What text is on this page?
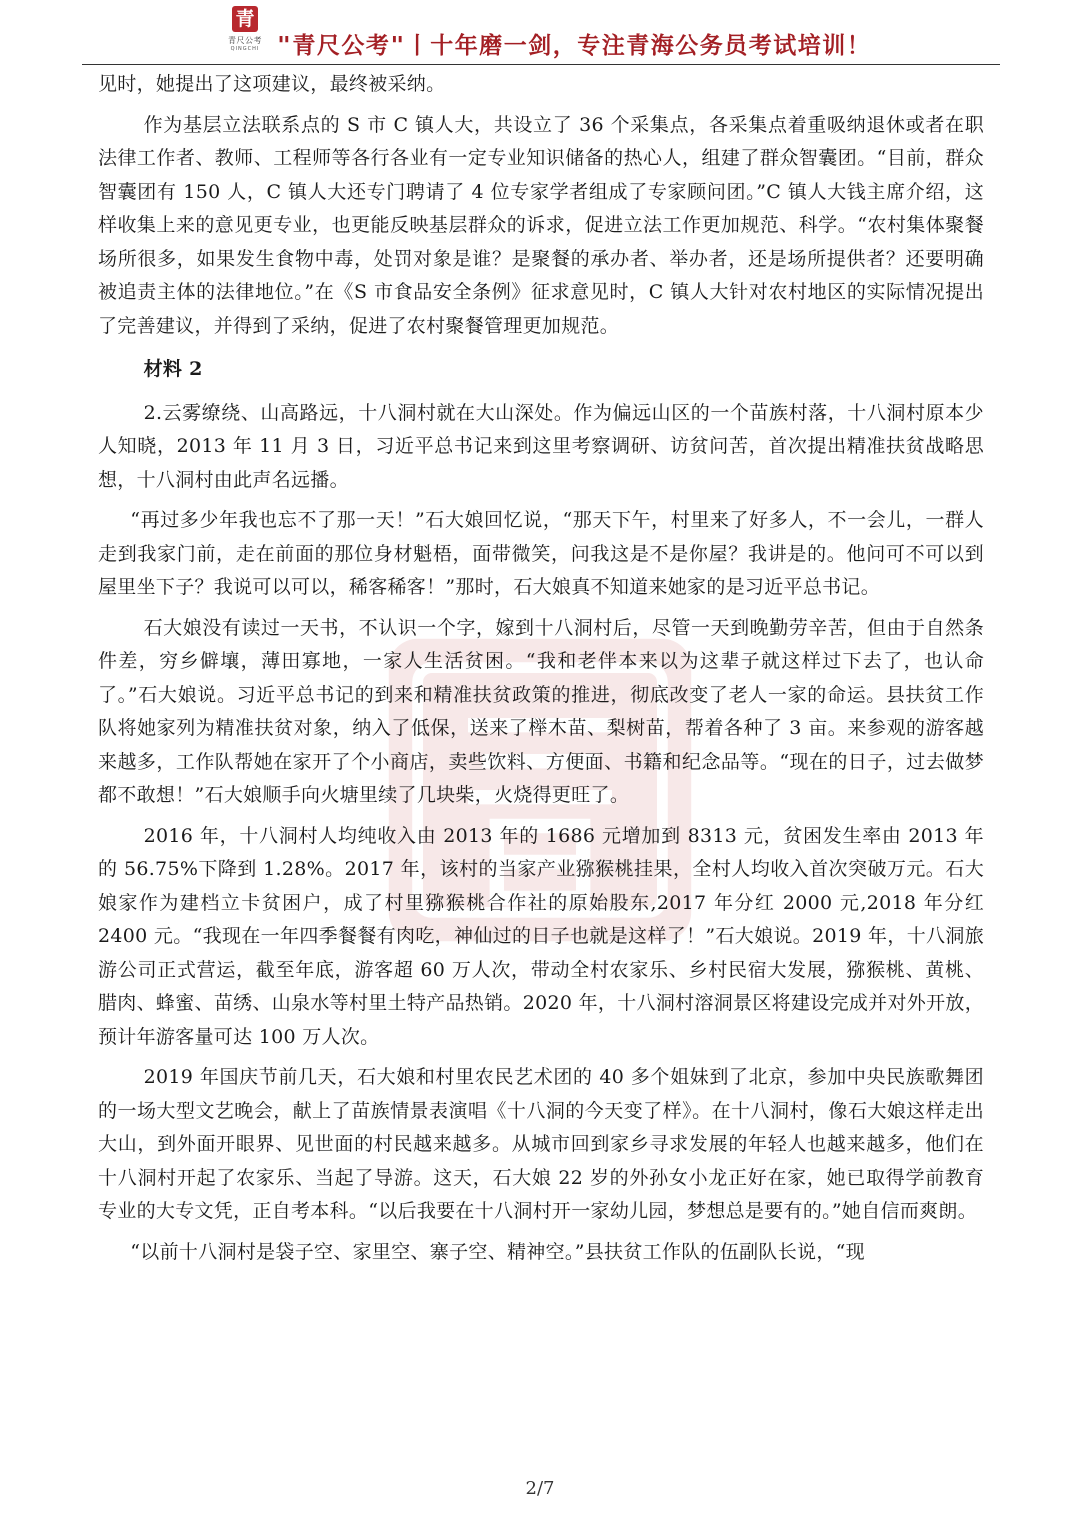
青
青尺公考
QINGCHI "青尺公考"丨十年磨一剑，专注青海公务员考试培训！

见时，她提出了这项建议，最终被采纳。

作为基层立法联系点的 S 市 C 镇人大，共设立了 36 个采集点，各采集点着重吸纳退休或者在职法律工作者、教师、工程师等各行各业有一定专业知识储备的热心人，组建了群众智囊团。“目前，群众智囊团有 150 人，C 镇人大还专门聘请了 4 位专家学者组成了专家顾问团。”C 镇人大钱主席介绍，这样收集上来的意见更专业，也更能反映基层群众的诉求，促进立法工作更加规范、科学。“农村集体聚餐场所很多，如果发生食物中毒，处罚对象是谁？是聚餐的承办者、举办者，还是场所提供者？还要明确被追责主体的法律地位。”在《S 市食品安全条例》征求意见时，C 镇人大针对农村地区的实际情况提出了完善建议，并得到了采纳，促进了农村聚餐管理更加规范。

材料 2

2.云雾缭绕、山高路远，十八洞村就在大山深处。作为偏远山区的一个苗族村落，十八洞村原本少人知晓，2013 年 11 月 3 日，习近平总书记来到这里考察调研、访贫问苦，首次提出精准扶贫战略思想，十八洞村由此声名远播。

“再过多少年我也忘不了那一天！”石大娘回忆说，“那天下午，村里来了好多人，不一会儿，一群人走到我家门前，走在前面的那位身材魁梧，面带微笑，问我这是不是你屋？我讲是的。他问可不可以到屋里坐下子？我说可以可以，稀客稀客！”那时，石大娘真不知道来她家的是习近平总书记。

石大娘没有读过一天书，不认识一个字，嫁到十八洞村后，尽管一天到晚勤劳辛苦，但由于自然条件差，穷乡僻壤，薄田寡地，一家人生活贫困。“我和老伴本来以为这辈子就这样过下去了，也认命了。”石大娘说。习近平总书记的到来和精准扶贫政策的推进，彻底改变了老人一家的命运。县扶贫工作队将她家列为精准扶贫对象，纳入了低保，送来了榉木苗、梨树苗，帮着各种了 3 亩。来参观的游客越来越多，工作队帮她在家开了个小商店，卖些饮料、方便面、书籍和纪念品等。“现在的日子，过去做梦都不敢想！”石大娘顺手向火塘里续了几块柴，火烧得更旺了。

2016 年，十八洞村人均纯收入由 2013 年的 1686 元增加到 8313 元，贫困发生率由 2013 年的 56.75%下降到 1.28%。2017 年，该村的当家产业猕猴桃挂果，全村人均收入首次突破万元。石大娘家作为建档立卡贫困户，成了村里猕猴桃合作社的原始股东,2017 年分红 2000 元,2018 年分红 2400 元。“我现在一年四季餐餐有肉吃，神仙过的日子也就是这样了！”石大娘说。2019 年，十八洞旅游公司正式营运，截至年底，游客超 60 万人次，带动全村农家乐、乡村民宿大发展，猕猴桃、黄桃、腊肉、蜂蜜、苗绣、山泉水等村里土特产品热销。2020 年，十八洞村溶洞景区将建设完成并对外开放，预计年游客量可达 100 万人次。

2019 年国庆节前几天，石大娘和村里农民艺术团的 40 多个姐妹到了北京，参加中央民族歌舞团的一场大型文艺晚会，献上了苗族情景表演唱《十八洞的今天变了样》。在十八洞村，像石大娘这样走出大山，到外面开眼界、见世面的村民越来越多。从城市回到家乡寻求发展的年轻人也越来越多，他们在十八洞村开起了农家乐、当起了导游。这天，石大娘 22 岁的外孙女小龙正好在家，她已取得学前教育专业的大专文凭，正自考本科。“以后我要在十八洞村开一家幼儿园，梦想总是要有的。”她自信而爽朗。

“以前十八洞村是袋子空、家里空、寨子空、精神空。”县扶贫工作队的伍副队长说，“现

2/7
